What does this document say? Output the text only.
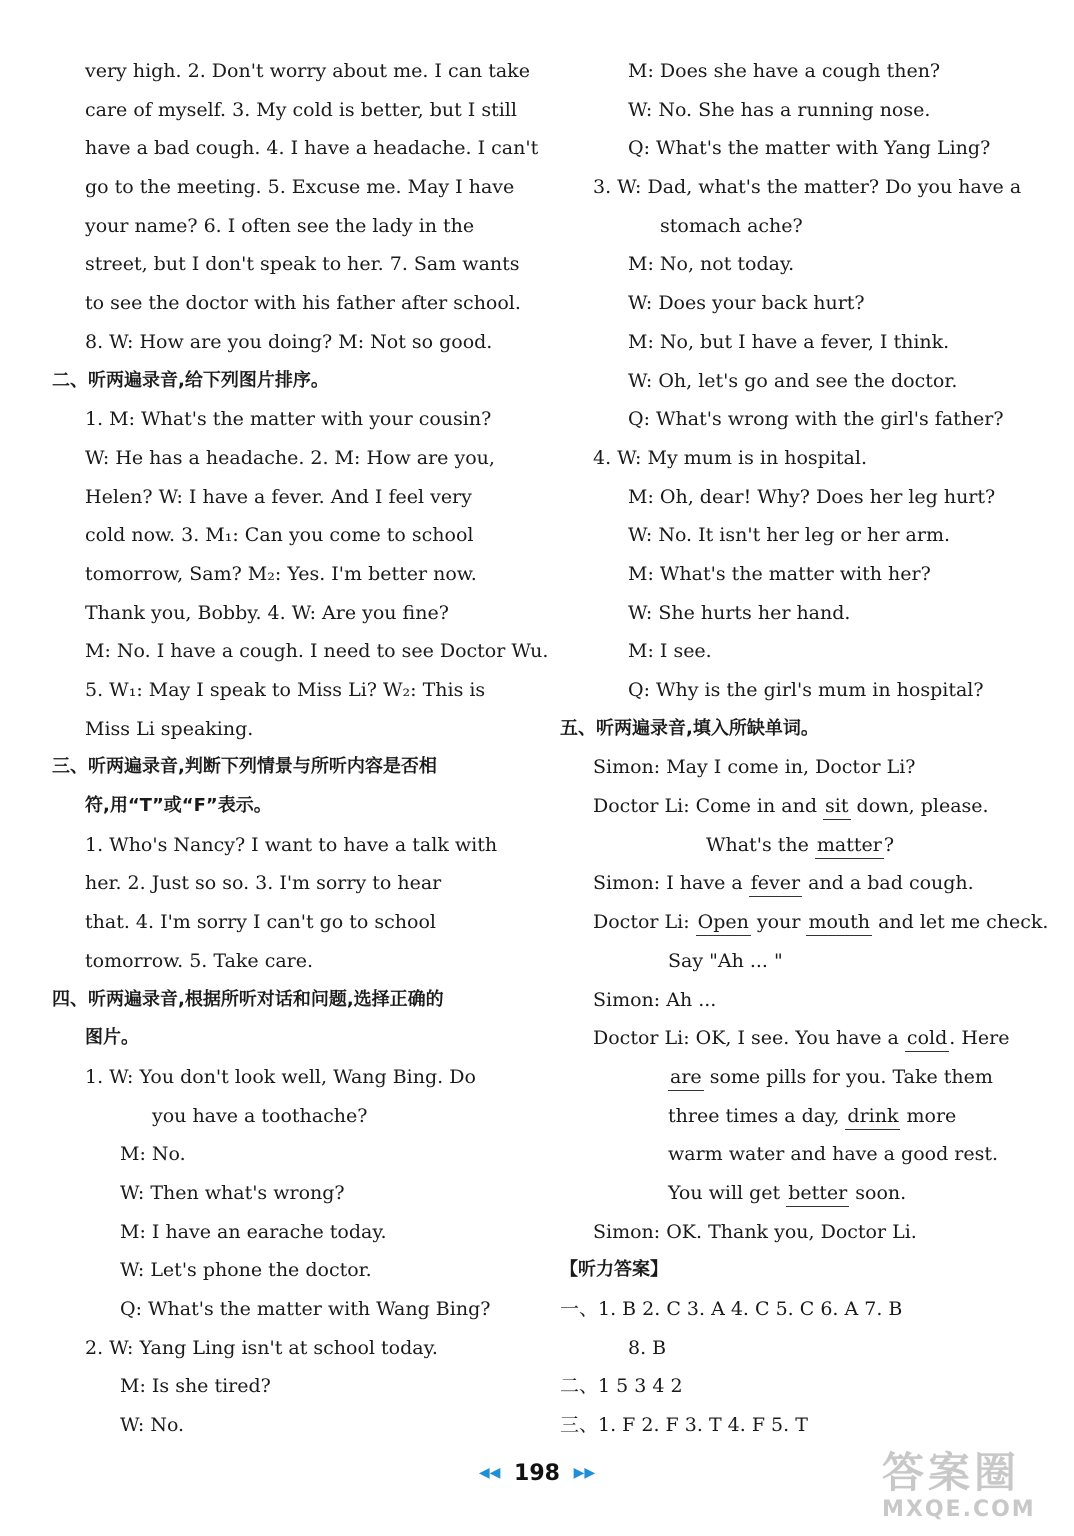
very high. 2. Don't worry about me. I can take
care of myself. 3. My cold is better, but I still
have a bad cough. 4. I have a headache. I can't
go to the meeting. 5. Excuse me. May I have
your name? 6. I often see the lady in the
street, but I don't speak to her. 7. Sam wants
to see the doctor with his father after school.
8. W: How are you doing? M: Not so good.
二、听两遍录音,给下列图片排序。
1. M: What's the matter with your cousin?
W: He has a headache. 2. M: How are you,
Helen? W: I have a fever. And I feel very
cold now. 3. M₁: Can you come to school
tomorrow, Sam? M₂: Yes. I'm better now.
Thank you, Bobby. 4. W: Are you fine?
M: No. I have a cough. I need to see Doctor Wu.
5. W₁: May I speak to Miss Li? W₂: This is
Miss Li speaking.
三、听两遍录音,判断下列情景与所听内容是否相
符,用“T”或“F”表示。
1. Who's Nancy? I want to have a talk with
her. 2. Just so so. 3. I'm sorry to hear
that. 4. I'm sorry I can't go to school
tomorrow. 5. Take care.
四、听两遍录音,根据所听对话和问题,选择正确的
图片。
1. W: You don't look well, Wang Bing. Do
you have a toothache?
M: No.
W: Then what's wrong?
M: I have an earache today.
W: Let's phone the doctor.
Q: What's the matter with Wang Bing?
2. W: Yang Ling isn't at school today.
M: Is she tired?
W: No.
M: Does she have a cough then?
W: No. She has a running nose.
Q: What's the matter with Yang Ling?
3. W: Dad, what's the matter? Do you have a
stomach ache?
M: No, not today.
W: Does your back hurt?
M: No, but I have a fever, I think.
W: Oh, let's go and see the doctor.
Q: What's wrong with the girl's father?
4. W: My mum is in hospital.
M: Oh, dear! Why? Does her leg hurt?
W: No. It isn't her leg or her arm.
M: What's the matter with her?
W: She hurts her hand.
M: I see.
Q: Why is the girl's mum in hospital?
五、听两遍录音,填入所缺单词。
Simon: May I come in, Doctor Li?
Doctor Li: Come in and sit down, please.
What's the matter ?
Simon: I have a fever and a bad cough.
Doctor Li: Open your mouth and let me check.
Say "Ah ... "
Simon: Ah ...
Doctor Li: OK, I see. You have a cold . Here
are some pills for you. Take them
three times a day, drink more
warm water and have a good rest.
You will get better soon.
Simon: OK. Thank you, Doctor Li.
【听力答案】
一、1. B 2. C 3. A 4. C 5. C 6. A 7. B
8. B
二、1 5 3 4 2
三、1. F 2. F 3. T 4. F 5. T
◀◀ 198 ▶▶	答案圈
MXQE.COM
